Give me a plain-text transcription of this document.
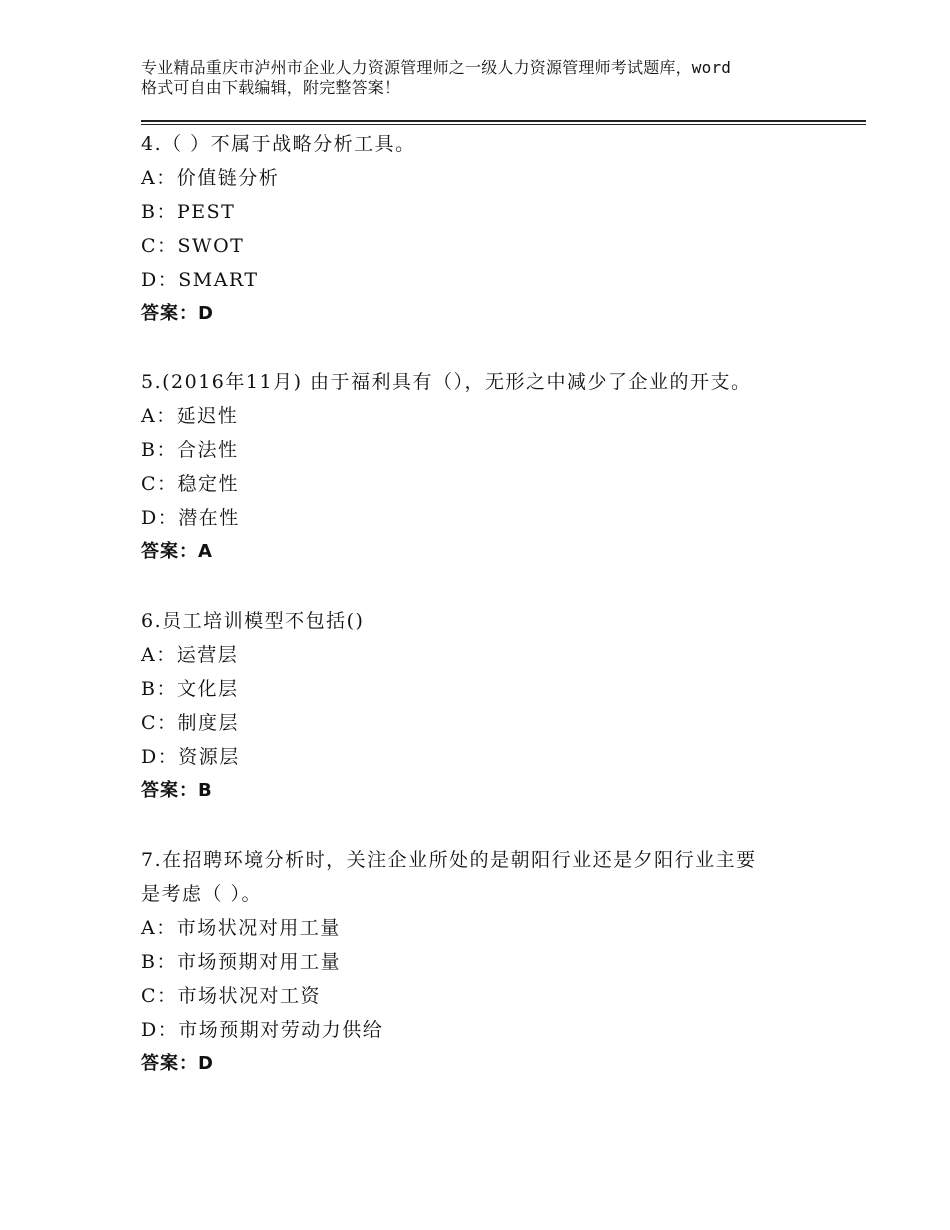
专业精品重庆市泸州市企业人力资源管理师之一级人力资源管理师考试题库，word
格式可自由下载编辑，附完整答案！
4.（ ）不属于战略分析工具。
A：价值链分析
B：PEST
C：SWOT
D：SMART
答案：D
5.(2016年11月) 由于福利具有（），无形之中减少了企业的开支。
A：延迟性
B：合法性
C：稳定性
D：潜在性
答案：A
6.员工培训模型不包括()
A：运营层
B：文化层
C：制度层
D：资源层
答案：B
7.在招聘环境分析时，关注企业所处的是朝阳行业还是夕阳行业主要
是考虑（ ）。
A：市场状况对用工量
B：市场预期对用工量
C：市场状况对工资
D：市场预期对劳动力供给
答案：D
